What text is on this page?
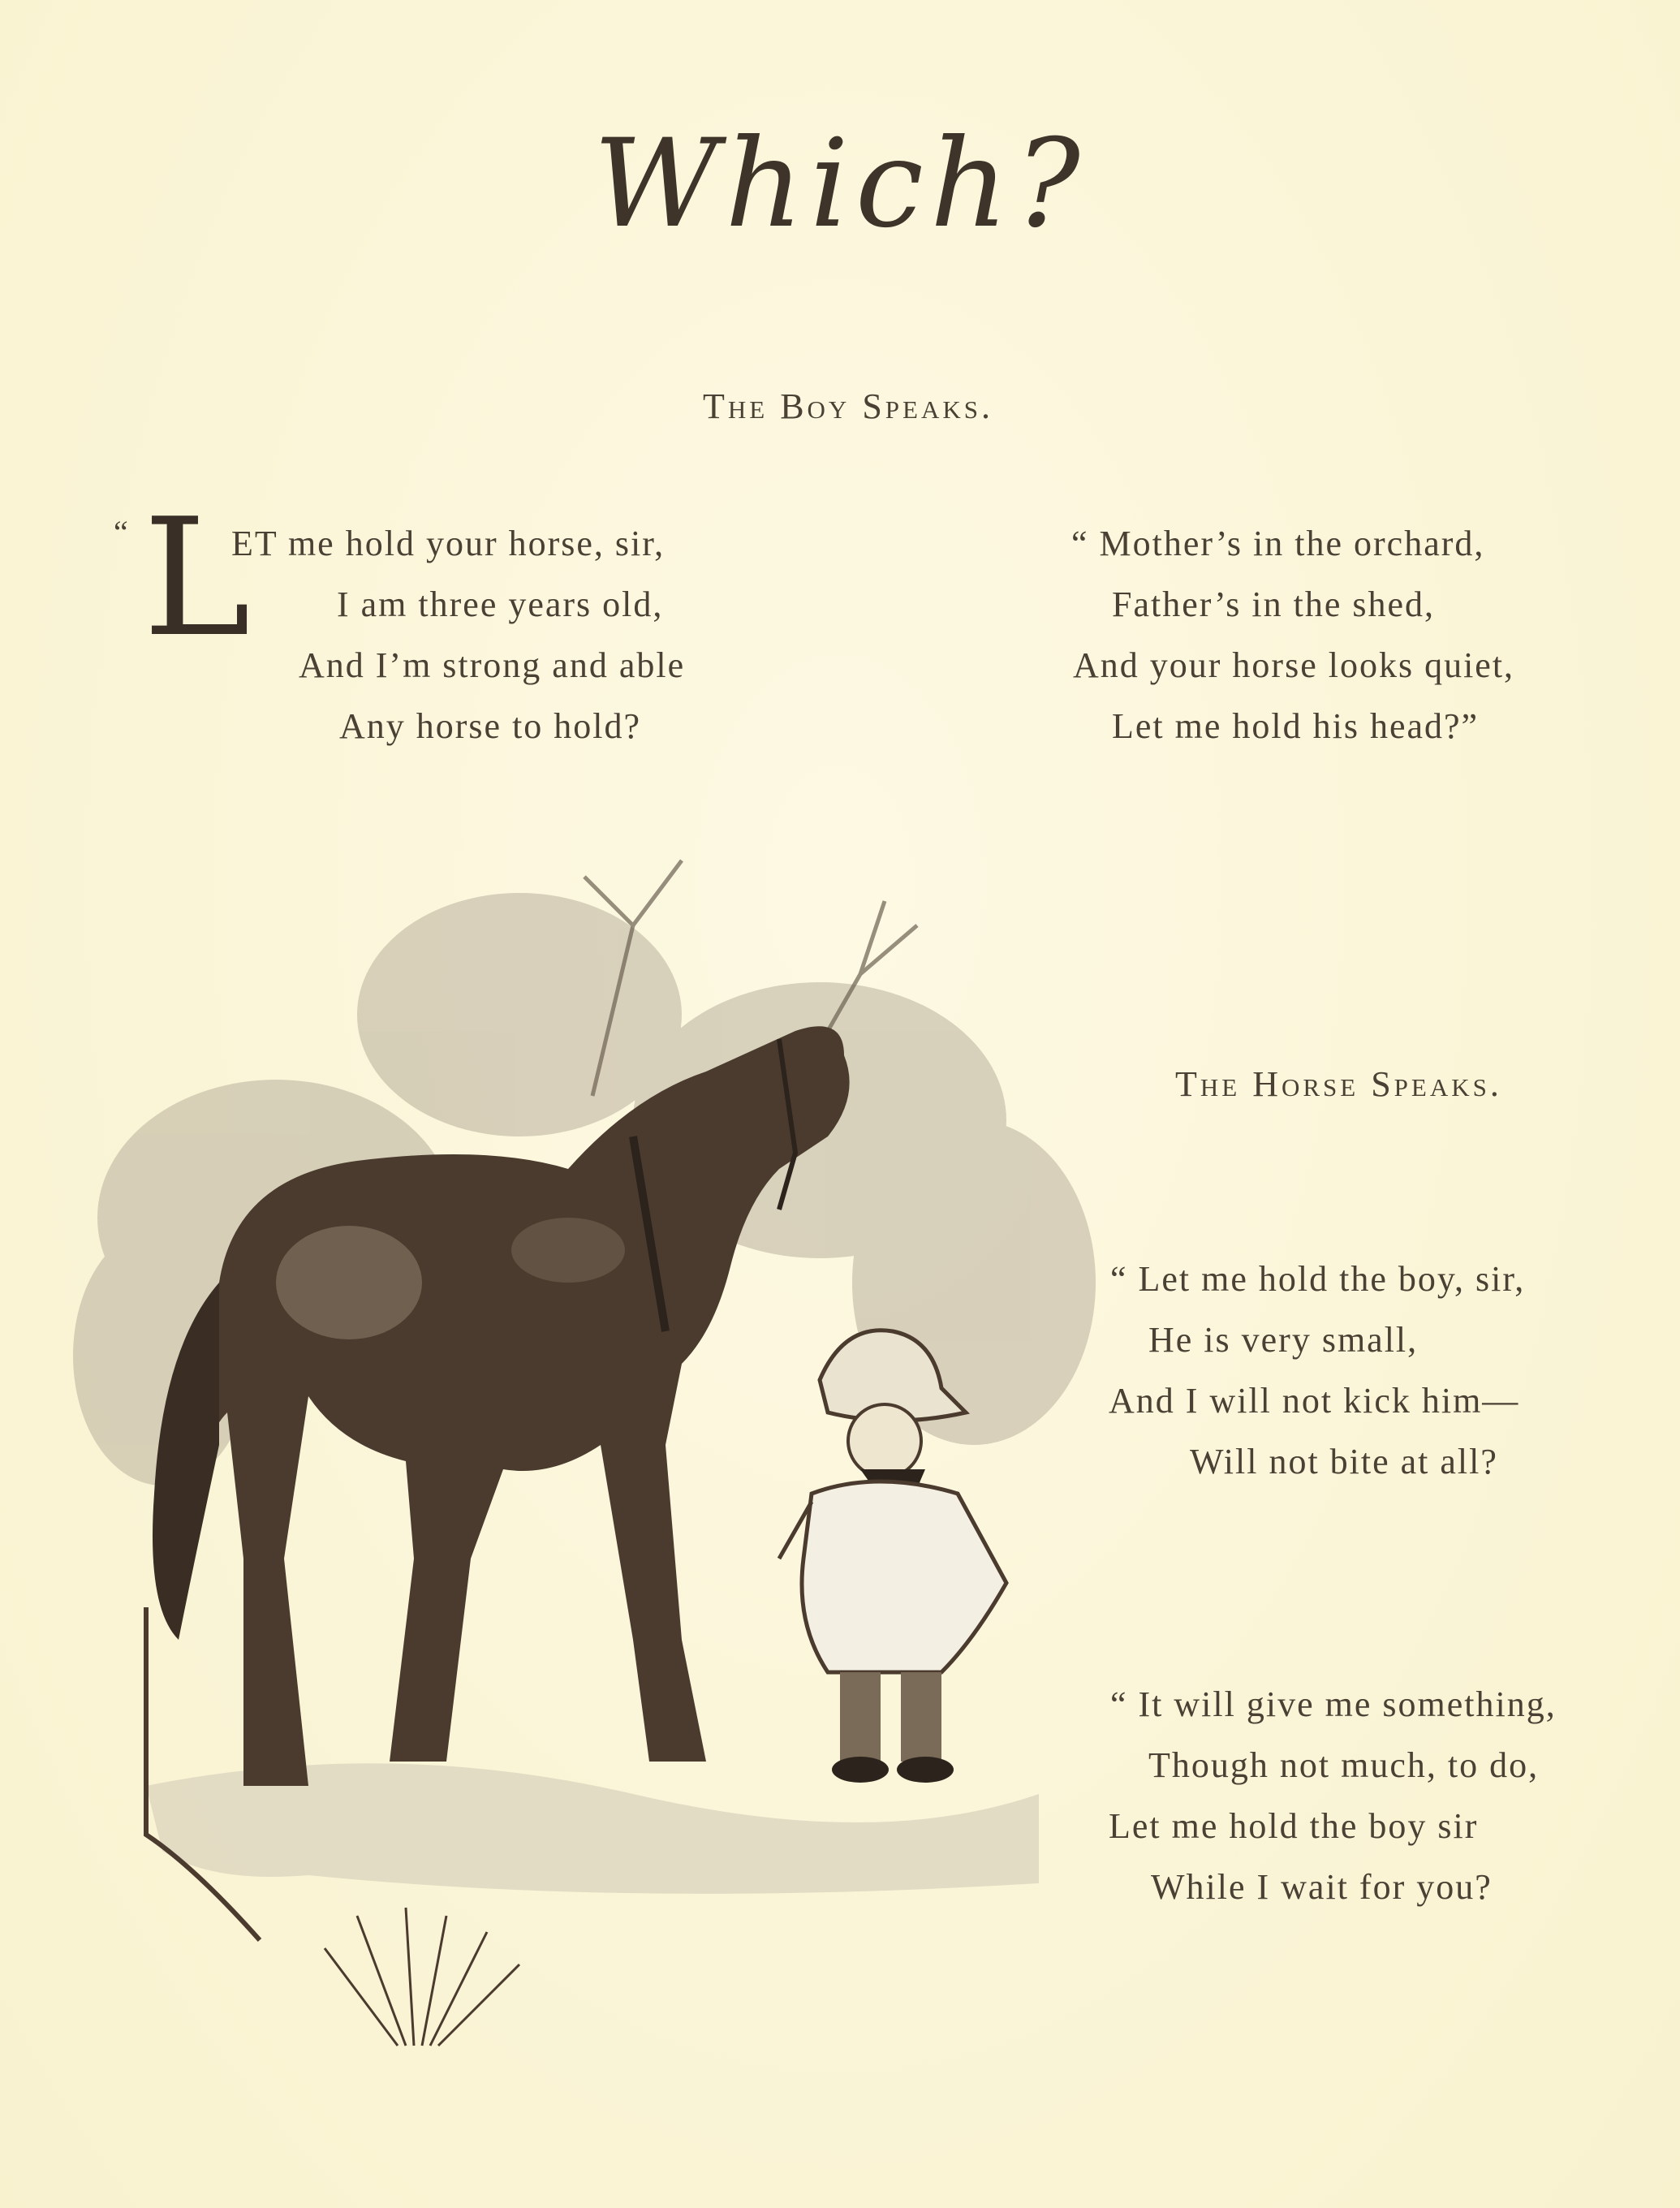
Which?
The Boy Speaks.
“ L
ET me hold your horse, sir,
I am three years old,
And I’m strong and able
Any horse to hold?
“ Mother’s in the orchard,
Father’s in the shed,
And your horse looks quiet,
Let me hold his head?”
The Horse Speaks.
“ Let me hold the boy, sir,
He is very small,
And I will not kick him—
Will not bite at all?
“ It will give me something,
Though not much, to do,
Let me hold the boy sir
While I wait for you?
